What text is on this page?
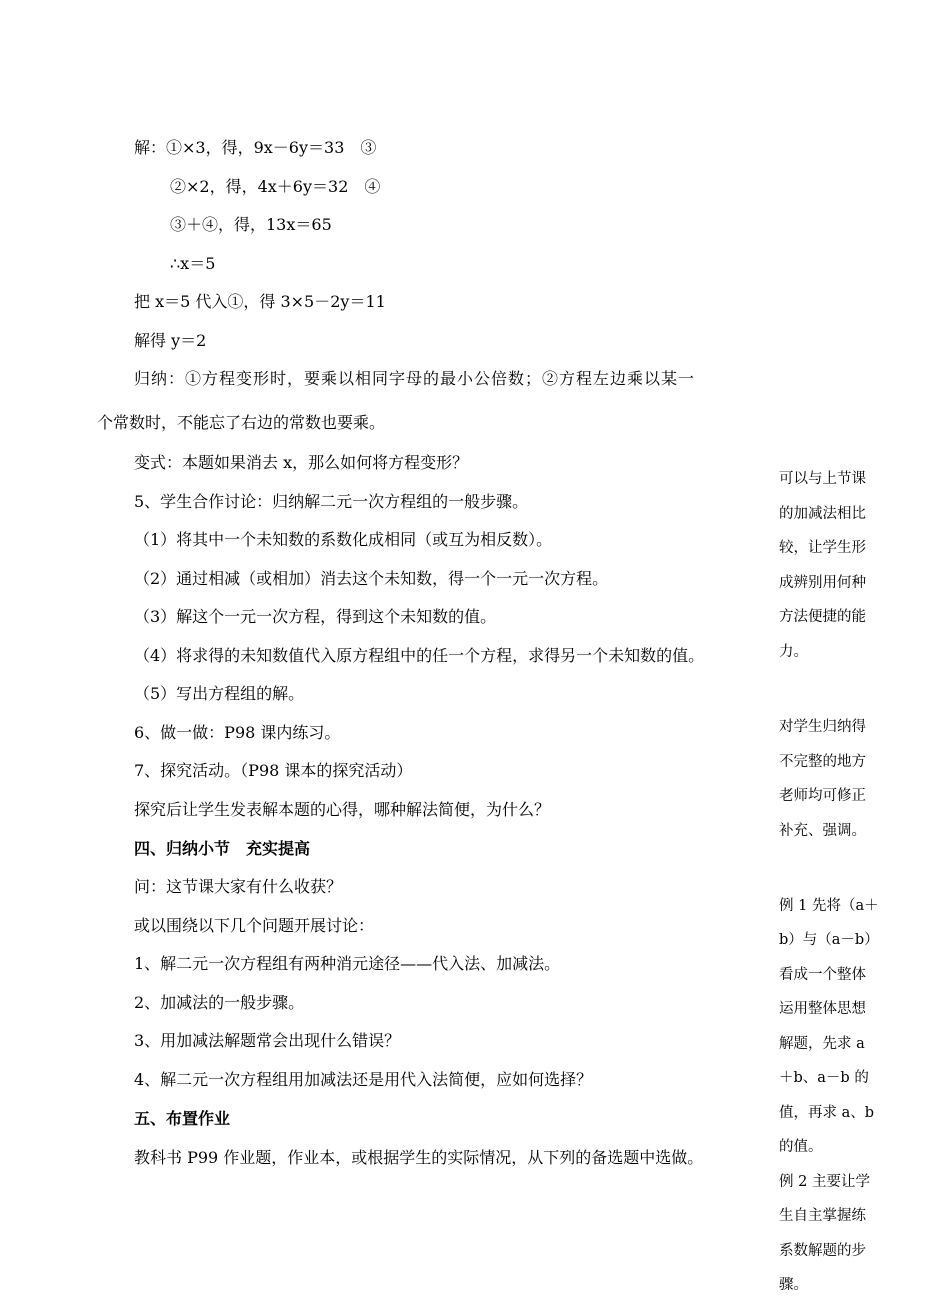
解：①×3，得，9x－6y＝33　③
②×2，得，4x＋6y＝32　④
③＋④，得，13x＝65
∴x＝5
把 x＝5 代入①，得 3×5－2y＝11
解得 y＝2
归纳：①方程变形时，要乘以相同字母的最小公倍数；②方程左边乘以某一
个常数时，不能忘了右边的常数也要乘。
变式：本题如果消去 x，那么如何将方程变形？
5、学生合作讨论：归纳解二元一次方程组的一般步骤。
（1）将其中一个未知数的系数化成相同（或互为相反数）。
（2）通过相减（或相加）消去这个未知数，得一个一元一次方程。
（3）解这个一元一次方程，得到这个未知数的值。
（4）将求得的未知数值代入原方程组中的任一个方程，求得另一个未知数的值。
（5）写出方程组的解。
6、做一做：P98 课内练习。
7、探究活动。（P98 课本的探究活动）
探究后让学生发表解本题的心得，哪种解法简便，为什么？
四、归纳小节　充实提高
问：这节课大家有什么收获？
或以围绕以下几个问题开展讨论：
1、解二元一次方程组有两种消元途径——代入法、加减法。
2、加减法的一般步骤。
3、用加减法解题常会出现什么错误？
4、解二元一次方程组用加减法还是用代入法简便，应如何选择？
五、布置作业
教科书 P99 作业题，作业本，或根据学生的实际情况，从下列的备选题中选做。
可以与上节课
的加减法相比
较，让学生形
成辨别用何种
方法便捷的能
力。
对学生归纳得
不完整的地方
老师均可修正
补充、强调。
例 1 先将（a＋
b）与（a－b）
看成一个整体
运用整体思想
解题，先求 a
＋b、a－b 的
值，再求 a、b
的值。
例 2 主要让学
生自主掌握练
系数解题的步
骤。
